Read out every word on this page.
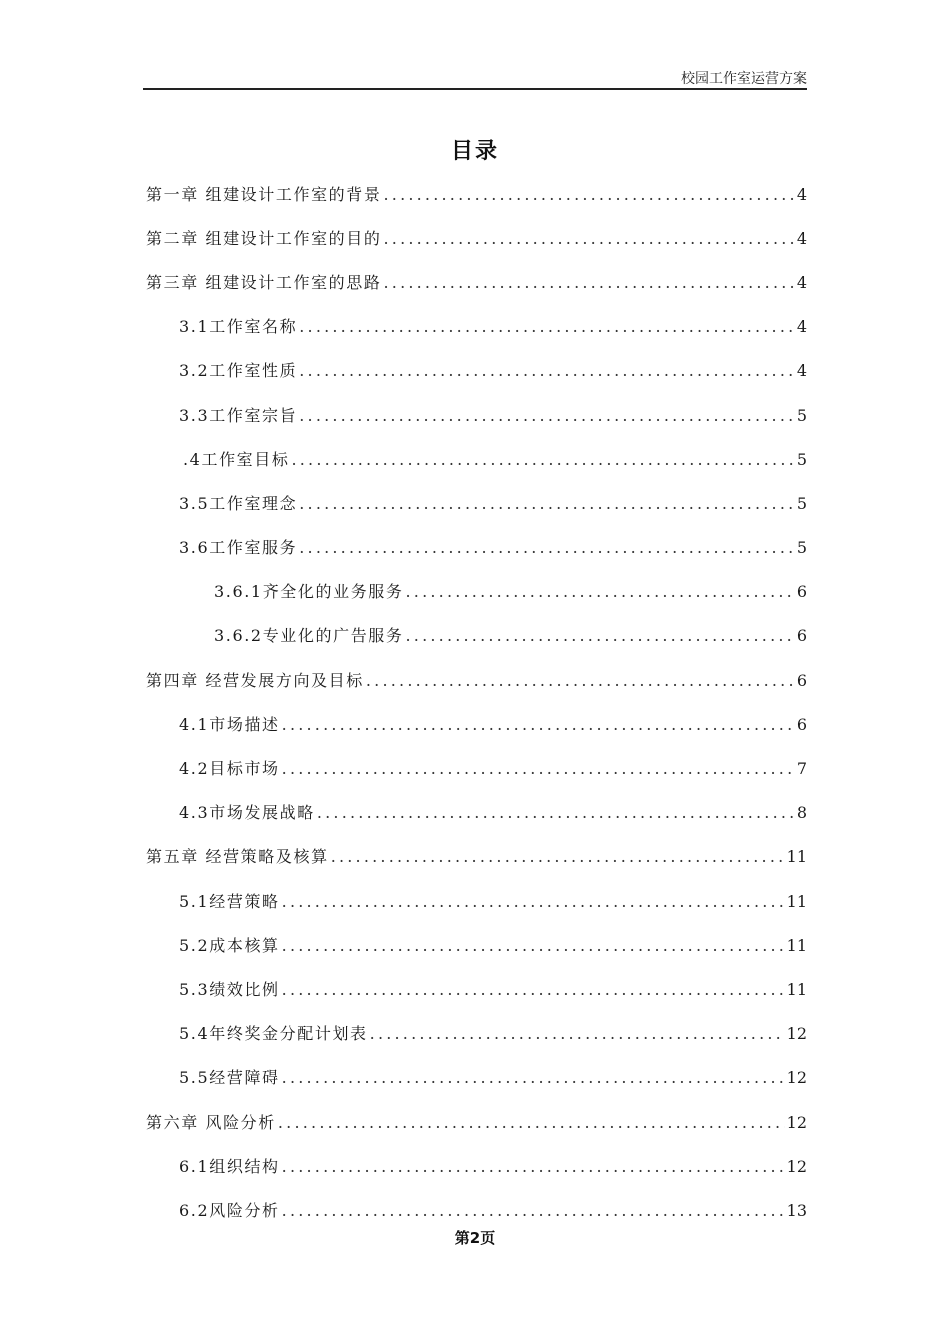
校园工作室运营方案
目录
第一章 组建设计工作室的背景 .....	4
第二章 组建设计工作室的目的 .....	4
第三章 组建设计工作室的思路 .....	4
3.1工作室名称 .....	4
3.2工作室性质 .....	4
3.3工作室宗旨 .....	5
.4工作室目标 .....	5
3.5工作室理念 .....	5
3.6工作室服务 .....	5
3.6.1齐全化的业务服务 .....	6
3.6.2专业化的广告服务 .....	6
第四章 经营发展方向及目标 .....	6
4.1市场描述 .....	6
4.2目标市场 .....	7
4.3市场发展战略 .....	8
第五章 经营策略及核算 .....	11
5.1经营策略 .....	11
5.2成本核算 .....	11
5.3绩效比例 .....	11
5.4年终奖金分配计划表 .....	12
5.5经营障碍 .....	12
第六章 风险分析 .....	12
6.1组织结构 .....	12
6.2风险分析 .....	13
第2页
